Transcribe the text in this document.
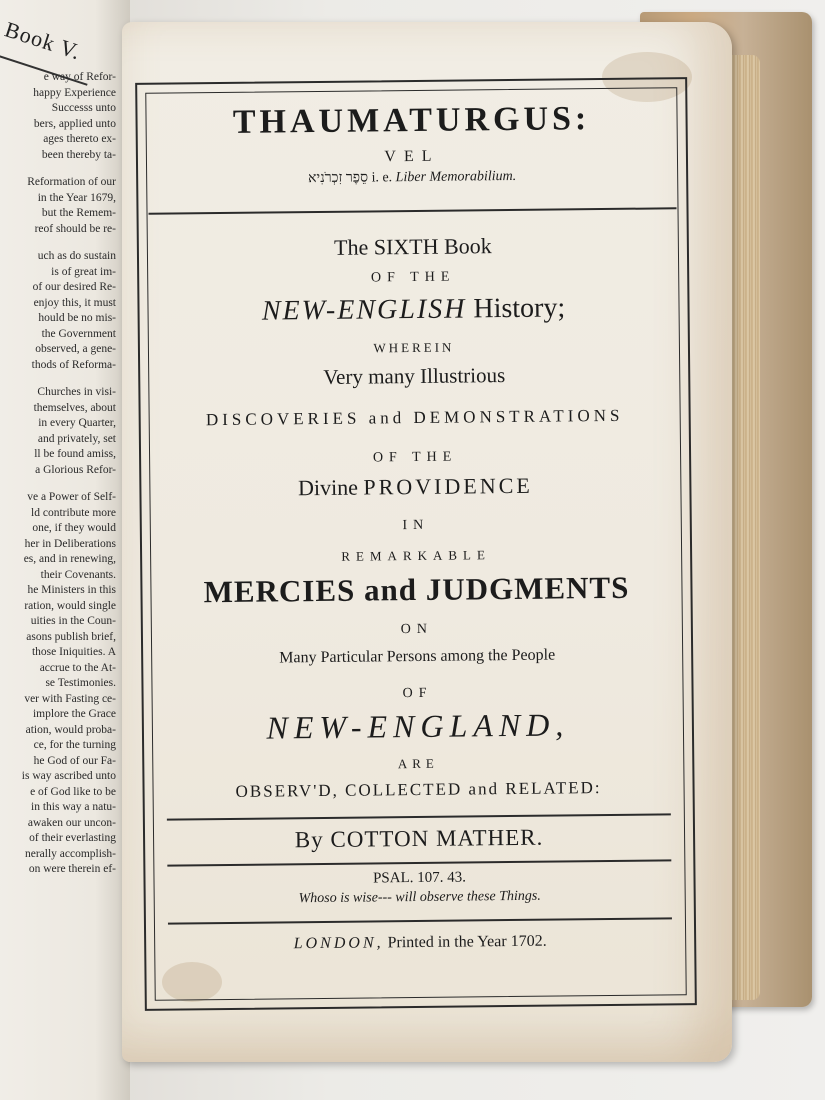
Book V.
e way of Refor-
happy Experience
Successs unto
bers, applied unto
ages thereto ex-
been thereby ta-
Reformation of our
in the Year 1679,
but the Remem-
reof should be re-
uch as do sustain
is of great im-
of our desired Re-
enjoy this, it must
hould be no mis-
the Government
observed, a gene-
thods of Reforma-
Churches in visi-
themselves, about
in every Quarter,
and privately, set
ll be found amiss,
a Glorious Refor-
ve a Power of Self-
ld contribute more
one, if they would
her in Deliberations
es, and in renewing,
their Covenants.
he Ministers in this
ration, would single
uities in the Coun-
asons publish brief,
those Iniquities. A
accrue to the At-
se Testimonies.
ver with Fasting ce-
implore the Grace
ation, would proba-
ce, for the turning
he God of our Fa-
is way ascribed unto
e of God like to be
in this way a natu-
awaken our uncon-
of their everlasting
nerally accomplish-
on were therein ef-
THAUMATURGUS:
VEL
סֵפֶר זִכְרֹנִיא i. e. Liber Memorabilium.
The SIXTH Book
OF THE
NEW-ENGLISH History;
WHEREIN
Very many Illustrious
DISCOVERIES and DEMONSTRATIONS
OF THE
Divine PROVIDENCE
IN
REMARKABLE
MERCIES and JUDGMENTS
ON
Many Particular Persons among the People
OF
NEW-ENGLAND,
ARE
OBSERV'D, COLLECTED and RELATED:
By COTTON MATHER.
PSAL. 107. 43.
Whoso is wise--- will observe these Things.
LONDON, Printed in the Year 1702.
